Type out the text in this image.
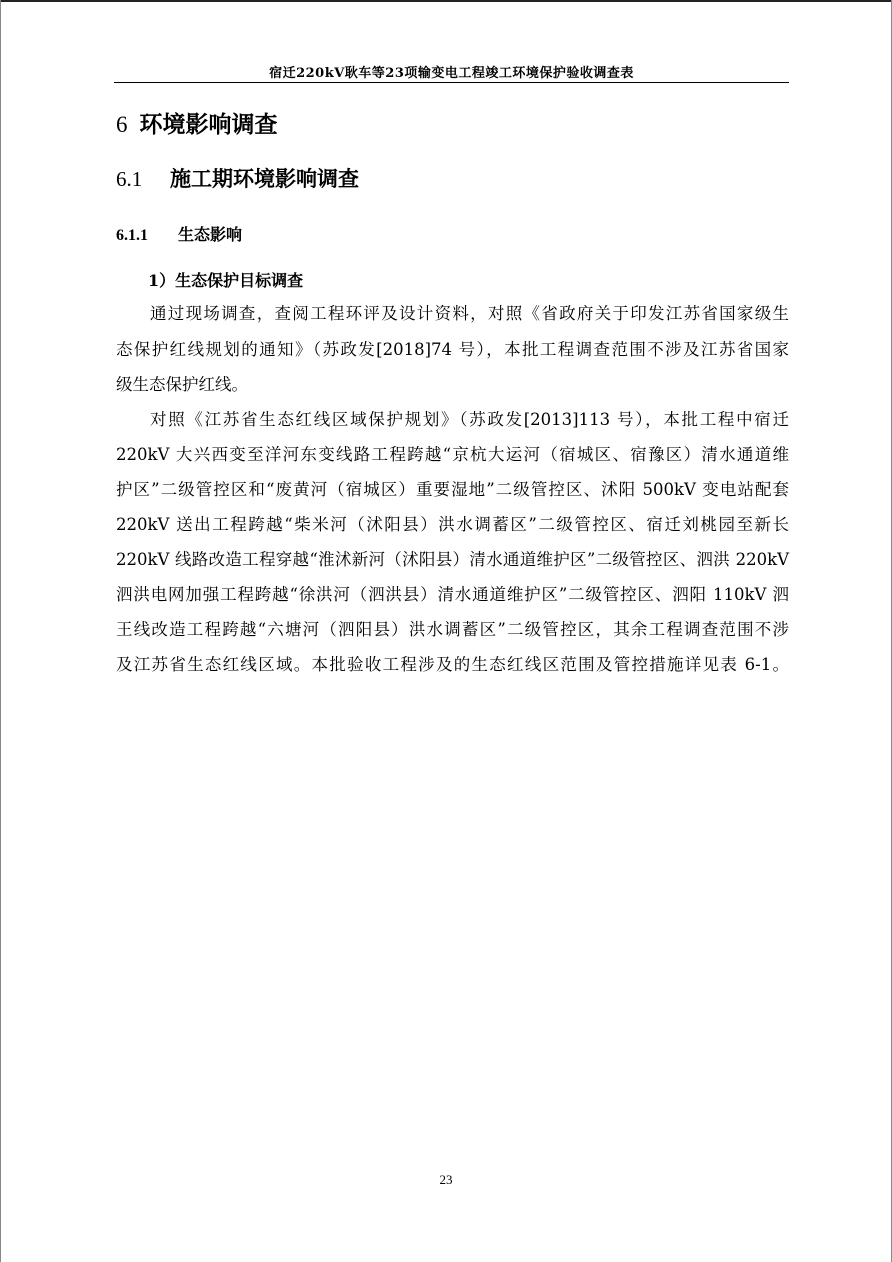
宿迁220kV耿车等23项输变电工程竣工环境保护验收调查表
6 环境影响调查
6.1 施工期环境影响调查
6.1.1 生态影响
1）生态保护目标调查
通过现场调查，查阅工程环评及设计资料，对照《省政府关于印发江苏省国家级生
态保护红线规划的通知》（苏政发[2018]74 号），本批工程调查范围不涉及江苏省国家
级生态保护红线。
对照《江苏省生态红线区域保护规划》（苏政发[2013]113 号），本批工程中宿迁
220kV 大兴西变至洋河东变线路工程跨越“京杭大运河（宿城区、宿豫区）清水通道维
护区”二级管控区和“废黄河（宿城区）重要湿地”二级管控区、沭阳 500kV 变电站配套
220kV 送出工程跨越“柴米河（沭阳县）洪水调蓄区”二级管控区、宿迁刘桃园至新长
220kV 线路改造工程穿越“淮沭新河（沭阳县）清水通道维护区”二级管控区、泗洪 220kV
泗洪电网加强工程跨越“徐洪河（泗洪县）清水通道维护区”二级管控区、泗阳 110kV 泗
王线改造工程跨越“六塘河（泗阳县）洪水调蓄区”二级管控区，其余工程调查范围不涉
及江苏省生态红线区域。本批验收工程涉及的生态红线区范围及管控措施详见表 6-1。
23
